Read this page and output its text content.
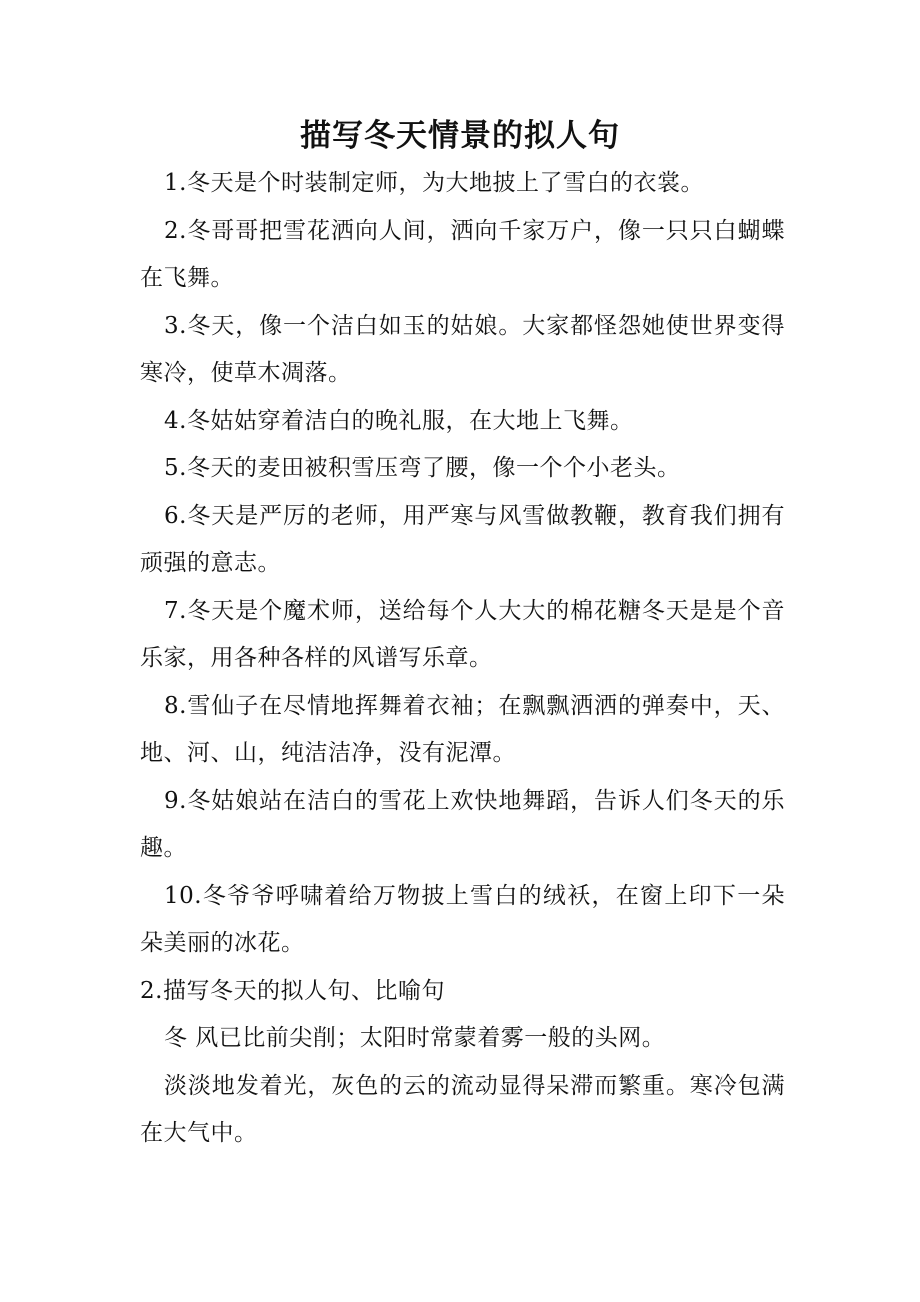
描写冬天情景的拟人句

1.冬天是个时装制定师，为大地披上了雪白的衣裳。

2.冬哥哥把雪花洒向人间，洒向千家万户，像一只只白蝴蝶在飞舞。

3.冬天，像一个洁白如玉的姑娘。大家都怪怨她使世界变得寒冷，使草木凋落。

4.冬姑姑穿着洁白的晚礼服，在大地上飞舞。

5.冬天的麦田被积雪压弯了腰，像一个个小老头。

6.冬天是严厉的老师，用严寒与风雪做教鞭，教育我们拥有顽强的意志。

7.冬天是个魔术师，送给每个人大大的棉花糖冬天是是个音乐家，用各种各样的风谱写乐章。

8.雪仙子在尽情地挥舞着衣袖；在飘飘洒洒的弹奏中，天、地、河、山，纯洁洁净，没有泥潭。

9.冬姑娘站在洁白的雪花上欢快地舞蹈，告诉人们冬天的乐趣。

10.冬爷爷呼啸着给万物披上雪白的绒袄，在窗上印下一朵朵美丽的冰花。

2.描写冬天的拟人句、比喻句

冬 风已比前尖削；太阳时常蒙着雾一般的头网。

淡淡地发着光，灰色的云的流动显得呆滞而繁重。寒冷包满在大气中。
